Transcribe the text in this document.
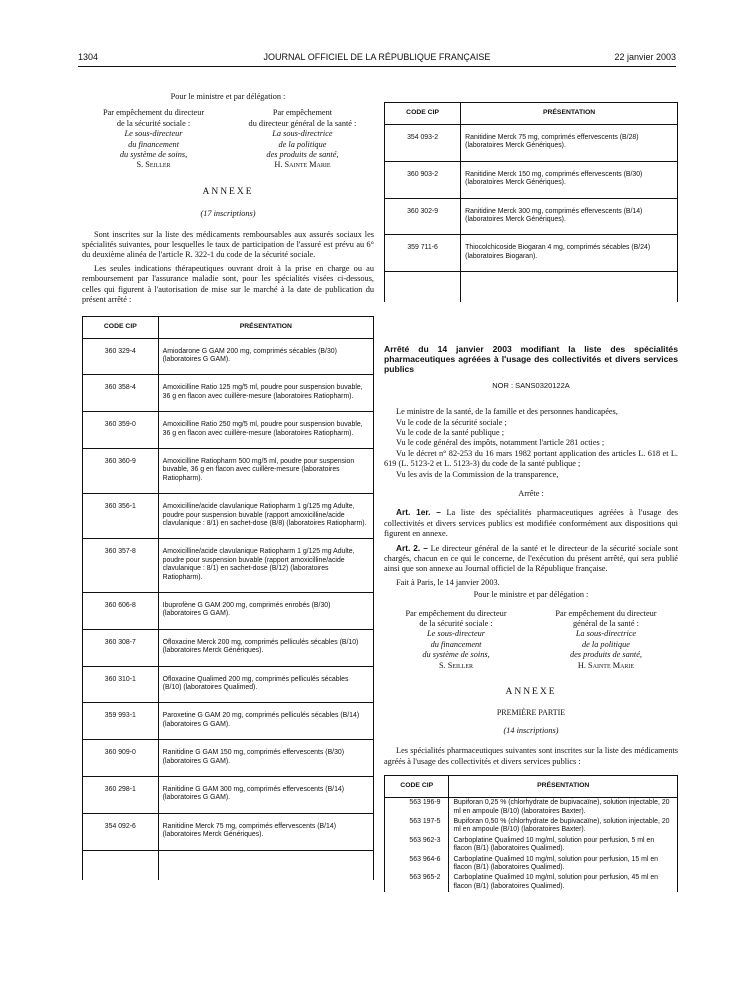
1304	JOURNAL OFFICIEL DE LA RÉPUBLIQUE FRANÇAISE	22 janvier 2003
Pour le ministre et par délégation :
Par empêchement du directeur
de la sécurité sociale :
Le sous-directeur
du financement
du système de soins,
S. Seiller
Par empêchement
du directeur général de la santé :
La sous-directrice
de la politique
des produits de santé,
H. Sainte Marie
ANNEXE
(17 inscriptions)

Sont inscrites sur la liste des médicaments remboursables aux assurés sociaux les spécialités suivantes, pour lesquelles le taux de participation de l'assuré est prévu au 6° du deuxième alinéa de l'article R. 322-1 du code de la sécurité sociale.

Les seules indications thérapeutiques ouvrant droit à la prise en charge ou au remboursement par l'assurance maladie sont, pour les spécialités visées ci-dessous, celles qui figurent à l'autorisation de mise sur le marché à la date de publication du présent arrêté :

CODE CIP	PRÉSENTATION
360 329-4	Amiodarone G GAM 200 mg, comprimés sécables (B/30) (laboratoires G GAM).
360 358-4	Amoxicilline Ratio 125 mg/5 ml, poudre pour suspension buvable, 36 g en flacon avec cuillère-mesure (laboratoires Ratiopharm).
360 359-0	Amoxicilline Ratio 250 mg/5 ml, poudre pour suspension buvable, 36 g en flacon avec cuillère-mesure (laboratoires Ratiopharm).
360 360-9	Amoxicilline Ratiopharm 500 mg/5 ml, poudre pour suspension buvable, 36 g en flacon avec cuillère-mesure (laboratoires Ratiopharm).
360 356-1	Amoxicilline/acide clavulanique Ratiopharm 1 g/125 mg Adulte, poudre pour suspension buvable (rapport amoxicilline/acide clavulanique : 8/1) en sachet-dose (B/8) (laboratoires Ratiopharm).
360 357-8	Amoxicilline/acide clavulanique Ratiopharm 1 g/125 mg Adulte, poudre pour suspension buvable (rapport amoxicilline/acide clavulanique : 8/1) en sachet-dose (B/12) (laboratoires Ratiopharm).
360 606-8	Ibuprofène G GAM 200 mg, comprimés enrobés (B/30) (laboratoires G GAM).
360 308-7	Ofloxacine Merck 200 mg, comprimés pelliculés sécables (B/10) (laboratoires Merck Génériques).
360 310-1	Ofloxacine Qualimed 200 mg, comprimés pelliculés sécables (B/10) (laboratoires Qualimed).
359 993-1	Paroxetine G GAM 20 mg, comprimés pelliculés sécables (B/14) (laboratoires G GAM).
360 909-0	Ranitidine G GAM 150 mg, comprimés effervescents (B/30) (laboratoires G GAM).
360 298-1	Ranitidine G GAM 300 mg, comprimés effervescents (B/14) (laboratoires G GAM).
354 092-6	Ranitidine Merck 75 mg, comprimés effervescents (B/14) (laboratoires Merck Génériques).

CODE CIP	PRÉSENTATION
354 093-2	Ranitidine Merck 75 mg, comprimés effervescents (B/28) (laboratoires Merck Génériques).
360 903-2	Ranitidine Merck 150 mg, comprimés effervescents (B/30) (laboratoires Merck Génériques).
360 302-9	Ranitidine Merck 300 mg, comprimés effervescents (B/14) (laboratoires Merck Génériques).
359 711-6	Thiocolchicoside Biogaran 4 mg, comprimés sécables (B/24) (laboratoires Biogaran).

Arrêté du 14 janvier 2003 modifiant la liste des spécialités pharmaceutiques agréées à l'usage des collectivités et divers services publics
NOR : SANS0320122A

Le ministre de la santé, de la famille et des personnes handicapées,

Vu le code de la sécurité sociale ;

Vu le code de la santé publique ;

Vu le code général des impôts, notamment l'article 281 octies ;

Vu le décret n° 82-253 du 16 mars 1982 portant application des articles L. 618 et L. 619 (L. 5123-2 et L. 5123-3) du code de la santé publique ;

Vu les avis de la Commission de la transparence,

Arrête :

Art. 1er. – La liste des spécialités pharmaceutiques agréées à l'usage des collectivités et divers services publics est modifiée conformément aux dispositions qui figurent en annexe.

Art. 2. – Le directeur général de la santé et le directeur de la sécurité sociale sont chargés, chacun en ce qui le concerne, de l'exécution du présent arrêté, qui sera publié ainsi que son annexe au Journal officiel de la République française.

Fait à Paris, le 14 janvier 2003.

Pour le ministre et par délégation :
Par empêchement du directeur
de la sécurité sociale :
Le sous-directeur
du financement
du système de soins,
S. Seiller
Par empêchement du directeur
général de la santé :
La sous-directrice
de la politique
des produits de santé,
H. Sainte Marie
ANNEXE
PREMIÈRE PARTIE
(14 inscriptions)

Les spécialités pharmaceutiques suivantes sont inscrites sur la liste des médicaments agréés à l'usage des collectivités et divers services publics :

CODE CIP	PRÉSENTATION
563 196-9	Bupiforan 0,25 % (chlorhydrate de bupivacaïne), solution injectable, 20 ml en ampoule (B/10) (laboratoires Baxter).
563 197-5	Bupiforan 0,50 % (chlorhydrate de bupivacaïne), solution injectable, 20 ml en ampoule (B/10) (laboratoires Baxter).
563 962-3	Carboplatine Qualimed 10 mg/ml, solution pour perfusion, 5 ml en flacon (B/1) (laboratoires Qualimed).
563 964-6	Carboplatine Qualimed 10 mg/ml, solution pour perfusion, 15 ml en flacon (B/1) (laboratoires Qualimed).
563 965-2	Carboplatine Qualimed 10 mg/ml, solution pour perfusion, 45 ml en flacon (B/1) (laboratoires Qualimed).
